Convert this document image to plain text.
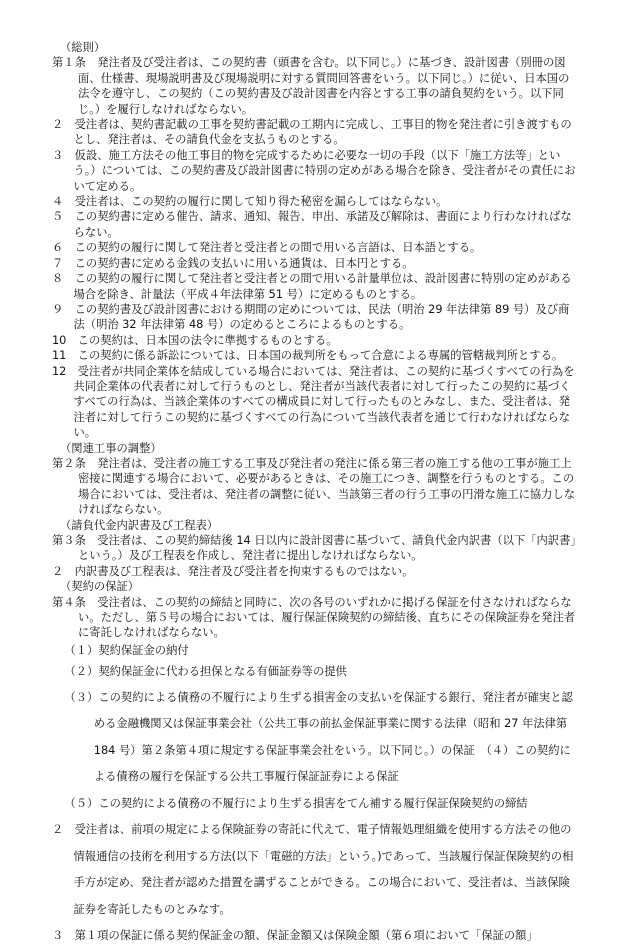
（総則）

第１条　発注者及び受注者は、この契約書（頭書を含む。以下同じ。）に基づき、設計図書（別冊の図面、仕様書、現場説明書及び現場説明に対する質問回答書をいう。以下同じ。）に従い、日本国の法令を遵守し、この契約（この契約書及び設計図書を内容とする工事の請負契約をいう。以下同じ。）を履行しなければならない。

２　受注者は、契約書記載の工事を契約書記載の工期内に完成し、工事目的物を発注者に引き渡すものとし、発注者は、その請負代金を支払うものとする。

３　仮設、施工方法その他工事目的物を完成するために必要な一切の手段（以下「施工方法等」という。）については、この契約書及び設計図書に特別の定めがある場合を除き、受注者がその責任において定める。

４　受注者は、この契約の履行に関して知り得た秘密を漏らしてはならない。

５　この契約書に定める催告、請求、通知、報告、申出、承諾及び解除は、書面により行わなければならない。

６　この契約の履行に関して発注者と受注者との間で用いる言語は、日本語とする。

７　この契約書に定める金銭の支払いに用いる通貨は、日本円とする。

８　この契約の履行に関して発注者と受注者との間で用いる計量単位は、設計図書に特別の定めがある場合を除き、計量法（平成４年法律第 51 号）に定めるものとする。

９　この契約書及び設計図書における期間の定めについては、民法（明治 29 年法律第 89 号）及び商法（明治 32 年法律第 48 号）の定めるところによるものとする。

10　この契約は、日本国の法令に準拠するものとする。

11　この契約に係る訴訟については、日本国の裁判所をもって合意による専属的管轄裁判所とする。

12　受注者が共同企業体を結成している場合においては、発注者は、この契約に基づくすべての行為を共同企業体の代表者に対して行うものとし、発注者が当該代表者に対して行ったこの契約に基づくすべての行為は、当該企業体のすべての構成員に対して行ったものとみなし、また、受注者は、発注者に対して行うこの契約に基づくすべての行為について当該代表者を通じて行わなければならない。

（関連工事の調整）

第２条　発注者は、受注者の施工する工事及び発注者の発注に係る第三者の施工する他の工事が施工上密接に関連する場合において、必要があるときは、その施工につき、調整を行うものとする。この場合においては、受注者は、発注者の調整に従い、当該第三者の行う工事の円滑な施工に協力しなければならない。

（請負代金内訳書及び工程表）

第３条　受注者は、この契約締結後 14 日以内に設計図書に基づいて、請負代金内訳書（以下「内訳書」という。）及び工程表を作成し、発注者に提出しなければならない。

２　内訳書及び工程表は、発注者及び受注者を拘束するものではない。

（契約の保証）

第４条　受注者は、この契約の締結と同時に、次の各号のいずれかに掲げる保証を付さなければならない。ただし、第５号の場合においては、履行保証保険契約の締結後、直ちにその保険証券を発注者に寄託しなければならない。

（１）契約保証金の納付
（２）契約保証金に代わる担保となる有価証券等の提供

（３）この契約による債務の不履行により生ずる損害金の支払いを保証する銀行、発注者が確実と認める金融機関又は保証事業会社（公共工事の前払金保証事業に関する法律（昭和 27 年法律第 184 号）第２条第４項に規定する保証事業会社をいう。以下同じ。）の保証　（４）この契約による債務の履行を保証する公共工事履行保証証券による保証

（５）この契約による債務の不履行により生ずる損害をてん補する履行保証保険契約の締結

２　受注者は、前項の規定による保険証券の寄託に代えて、電子情報処理組織を使用する方法その他の情報通信の技術を利用する方法(以下「電磁的方法」という。)であって、当該履行保証保険契約の相手方が定め、発注者が認めた措置を講ずることができる。この場合において、受注者は、当該保険証券を寄託したものとみなす。

３　第１項の保証に係る契約保証金の額、保証金額又は保険金額（第６項において「保証の額」
